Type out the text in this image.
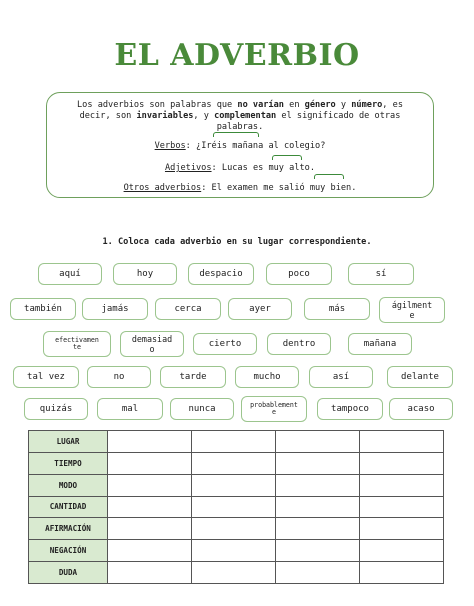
EL ADVERBIO
Los adverbios son palabras que no varían en género y número, es
decir, son invariables, y complementan el significado de otras
palabras.
Verbos: ¿Iréis mañana al colegio?
Adjetivos: Lucas es muy alto.
Otros adverbios: El examen me salió muy bien.
1. Coloca cada adverbio en su lugar correspondiente.
aquí	hoy	despacio	poco	sí
también	jamás	cerca	ayer	más	ágilment
e
efectivamen
te
demasiad
o	cierto	dentro	mañana
tal vez	no	tarde	mucho	así	delante
quizás	mal	nunca	probablement
e	tampoco	acaso
LUGAR				
TIEMPO				
MODO				
CANTIDAD				
AFIRMACIÓN				
NEGACIÓN				
DUDA				
